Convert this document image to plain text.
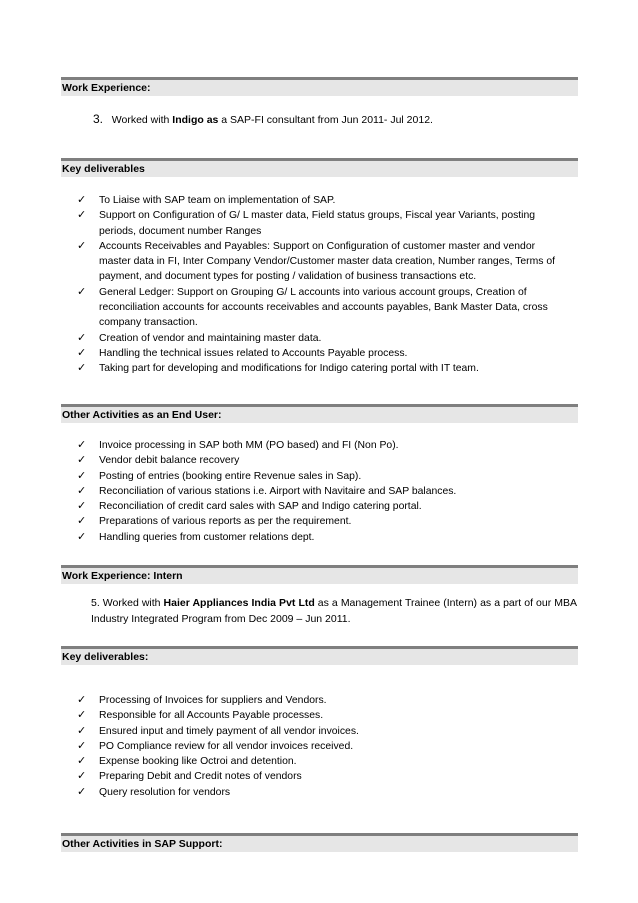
Work Experience:
3. Worked with Indigo as a SAP-FI consultant from Jun 2011- Jul 2012.
Key deliverables
✓ To Liaise with SAP team on implementation of SAP.
✓ Support on Configuration of G/ L master data, Field status groups, Fiscal year Variants, posting periods, document number Ranges
✓ Accounts Receivables and Payables: Support on Configuration of customer master and vendor master data in FI, Inter Company Vendor/Customer master data creation, Number ranges, Terms of payment, and document types for posting / validation of business transactions etc.
✓ General Ledger: Support on Grouping G/ L accounts into various account groups, Creation of reconciliation accounts for accounts receivables and accounts payables, Bank Master Data, cross company transaction.
✓ Creation of vendor and maintaining master data.
✓ Handling the technical issues related to Accounts Payable process.
✓ Taking part for developing and modifications for Indigo catering portal with IT team.
Other Activities as an End User:
✓ Invoice processing in SAP both MM (PO based) and FI (Non Po).
✓ Vendor debit balance recovery
✓ Posting of entries (booking entire Revenue sales in Sap).
✓ Reconciliation of various stations i.e. Airport with Navitaire and SAP balances.
✓ Reconciliation of credit card sales with SAP and Indigo catering portal.
✓ Preparations of various reports as per the requirement.
✓ Handling queries from customer relations dept.
Work Experience: Intern
5. Worked with Haier Appliances India Pvt Ltd as a Management Trainee (Intern) as a part of our MBA Industry Integrated Program from Dec 2009 – Jun 2011.
Key deliverables:
✓ Processing of Invoices for suppliers and Vendors.
✓ Responsible for all Accounts Payable processes.
✓ Ensured input and timely payment of all vendor invoices.
✓ PO Compliance review for all vendor invoices received.
✓ Expense booking like Octroi and detention.
✓ Preparing Debit and Credit notes of vendors
✓ Query resolution for vendors
Other Activities in SAP Support:
